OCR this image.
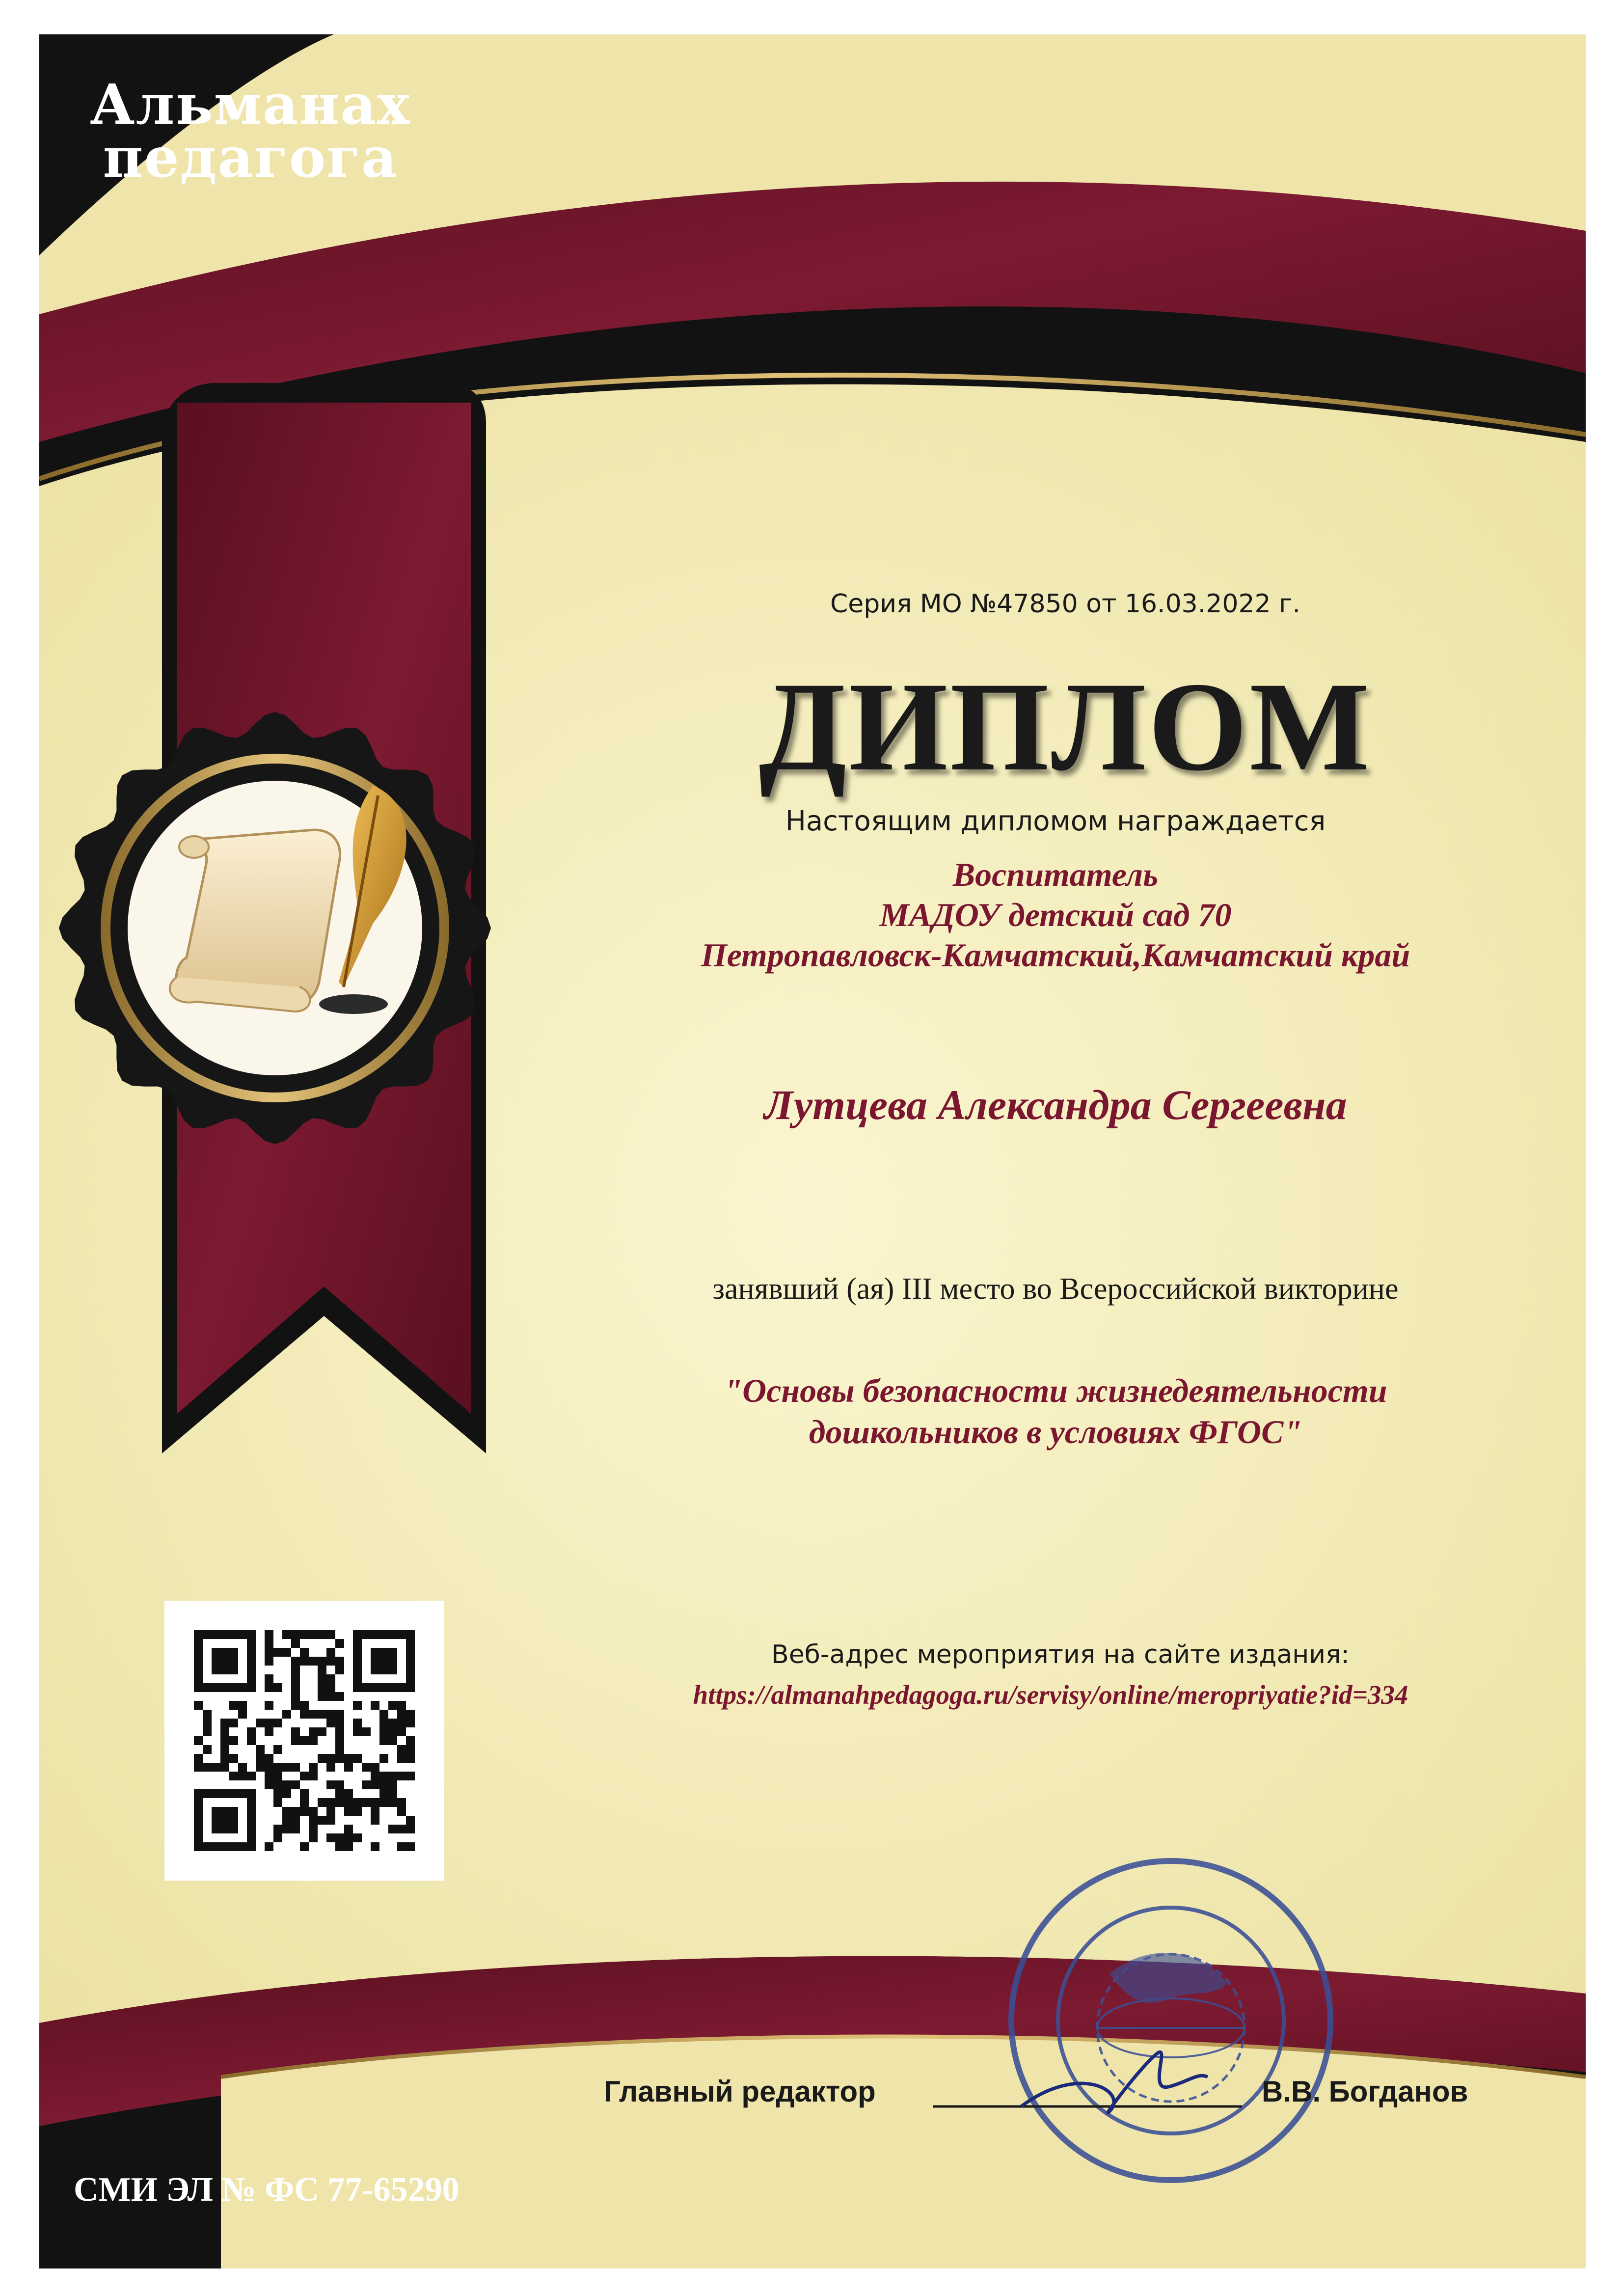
Альманах
педагога
Серия МО №47850 от 16.03.2022 г.
ДИПЛОМ
Настоящим дипломом награждается
Воспитатель
МАДОУ детский сад 70
Петропавловск-Камчатский,Камчатский край
Лутцева Александра Сергеевна
занявший (ая) III место во Всероссийской викторине
"Основы безопасности жизнедеятельности
дошкольников в условиях ФГОС"
Веб-адрес мероприятия на сайте издания:
https://almanahpedagoga.ru/servisy/online/meropriyatie?id=334
Главный редактор	В.В. Богданов
СМИ ЭЛ № ФС 77-65290
